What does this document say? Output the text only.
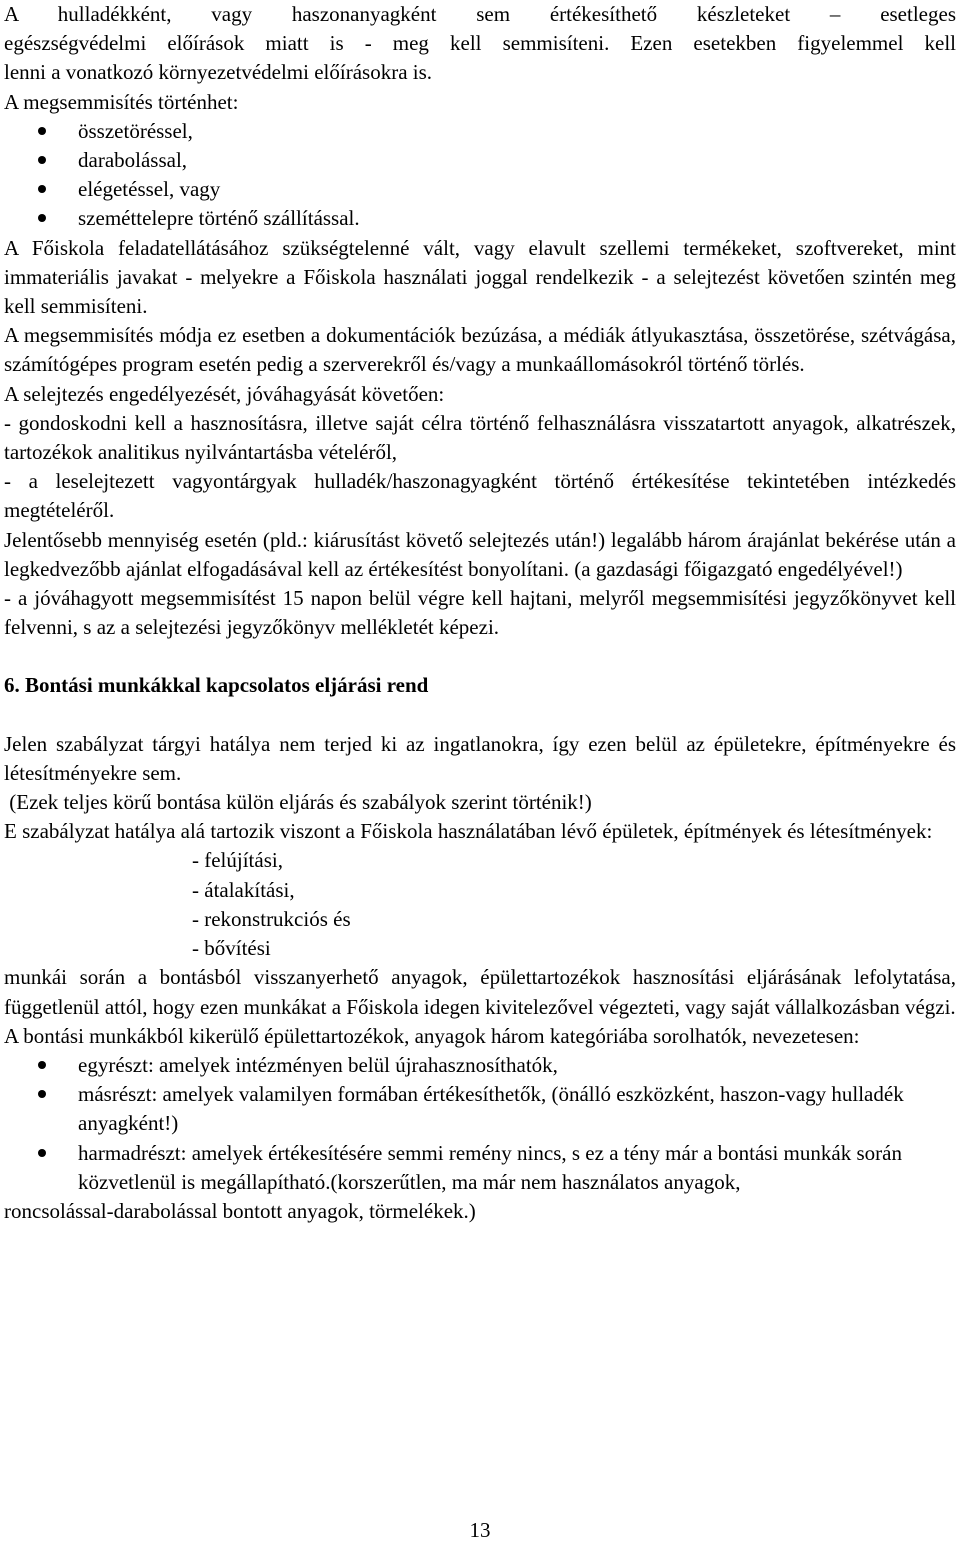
A hulladékként, vagy haszonanyagként sem értékesíthető készleteket – esetleges
egészségvédelmi előírások miatt is - meg kell semmisíteni. Ezen esetekben figyelemmel kell
lenni a vonatkozó környezetvédelmi előírásokra is.
A megsemmisítés történhet:
összetöréssel,
darabolással,
elégetéssel, vagy
szeméttelepre történő szállítással.

A Főiskola feladatellátásához szükségtelenné vált, vagy elavult szellemi termékeket, szoftvereket, mint immateriális javakat - melyekre a Főiskola használati joggal rendelkezik - a selejtezést követően szintén meg kell semmisíteni.

A megsemmisítés módja ez esetben a dokumentációk bezúzása, a médiák átlyukasztása, összetörése, szétvágása, számítógépes program esetén pedig a szerverekről és/vagy a munkaállomásokról történő törlés.

A selejtezés engedélyezését, jóváhagyását követően:

- gondoskodni kell a hasznosításra, illetve saját célra történő felhasználásra visszatartott anyagok, alkatrészek, tartozékok analitikus nyilvántartásba vételéről,

- a leselejtezett vagyontárgyak hulladék/haszonagyagként történő értékesítése tekintetében intézkedés megtételéről.

Jelentősebb mennyiség esetén (pld.: kiárusítást követő selejtezés után!) legalább három árajánlat bekérése után a legkedvezőbb ajánlat elfogadásával kell az értékesítést bonyolítani. (a gazdasági főigazgató engedélyével!)

- a jóváhagyott megsemmisítést 15 napon belül végre kell hajtani, melyről megsemmisítési jegyzőkönyvet kell felvenni, s az a selejtezési jegyzőkönyv mellékletét képezi.

6. Bontási munkákkal kapcsolatos eljárási rend

Jelen szabályzat tárgyi hatálya nem terjed ki az ingatlanokra, így ezen belül az épületekre, építményekre és létesítményekre sem.

(Ezek teljes körű bontása külön eljárás és szabályok szerint történik!)

E szabályzat hatálya alá tartozik viszont a Főiskola használatában lévő épületek, építmények és létesítmények:

- felújítási,
- átalakítási,
- rekonstrukciós és
- bővítési

munkái során a bontásból visszanyerhető anyagok, épülettartozékok hasznosítási eljárásának lefolytatása, függetlenül attól, hogy ezen munkákat a Főiskola idegen kivitelezővel végezteti, vagy saját vállalkozásban végzi.

A bontási munkákból kikerülő épülettartozékok, anyagok három kategóriába sorolhatók, nevezetesen:

egyrészt: amelyek intézményen belül újrahasznosíthatók,
másrészt: amelyek valamilyen formában értékesíthetők, (önálló eszközként, haszon-vagy hulladék anyagként!)
harmadrészt: amelyek értékesítésére semmi remény nincs, s ez a tény már a bontási munkák során közvetlenül is megállapítható.(korszerűtlen, ma már nem használatos anyagok,

roncsolással-darabolással bontott anyagok, törmelékek.)

13
